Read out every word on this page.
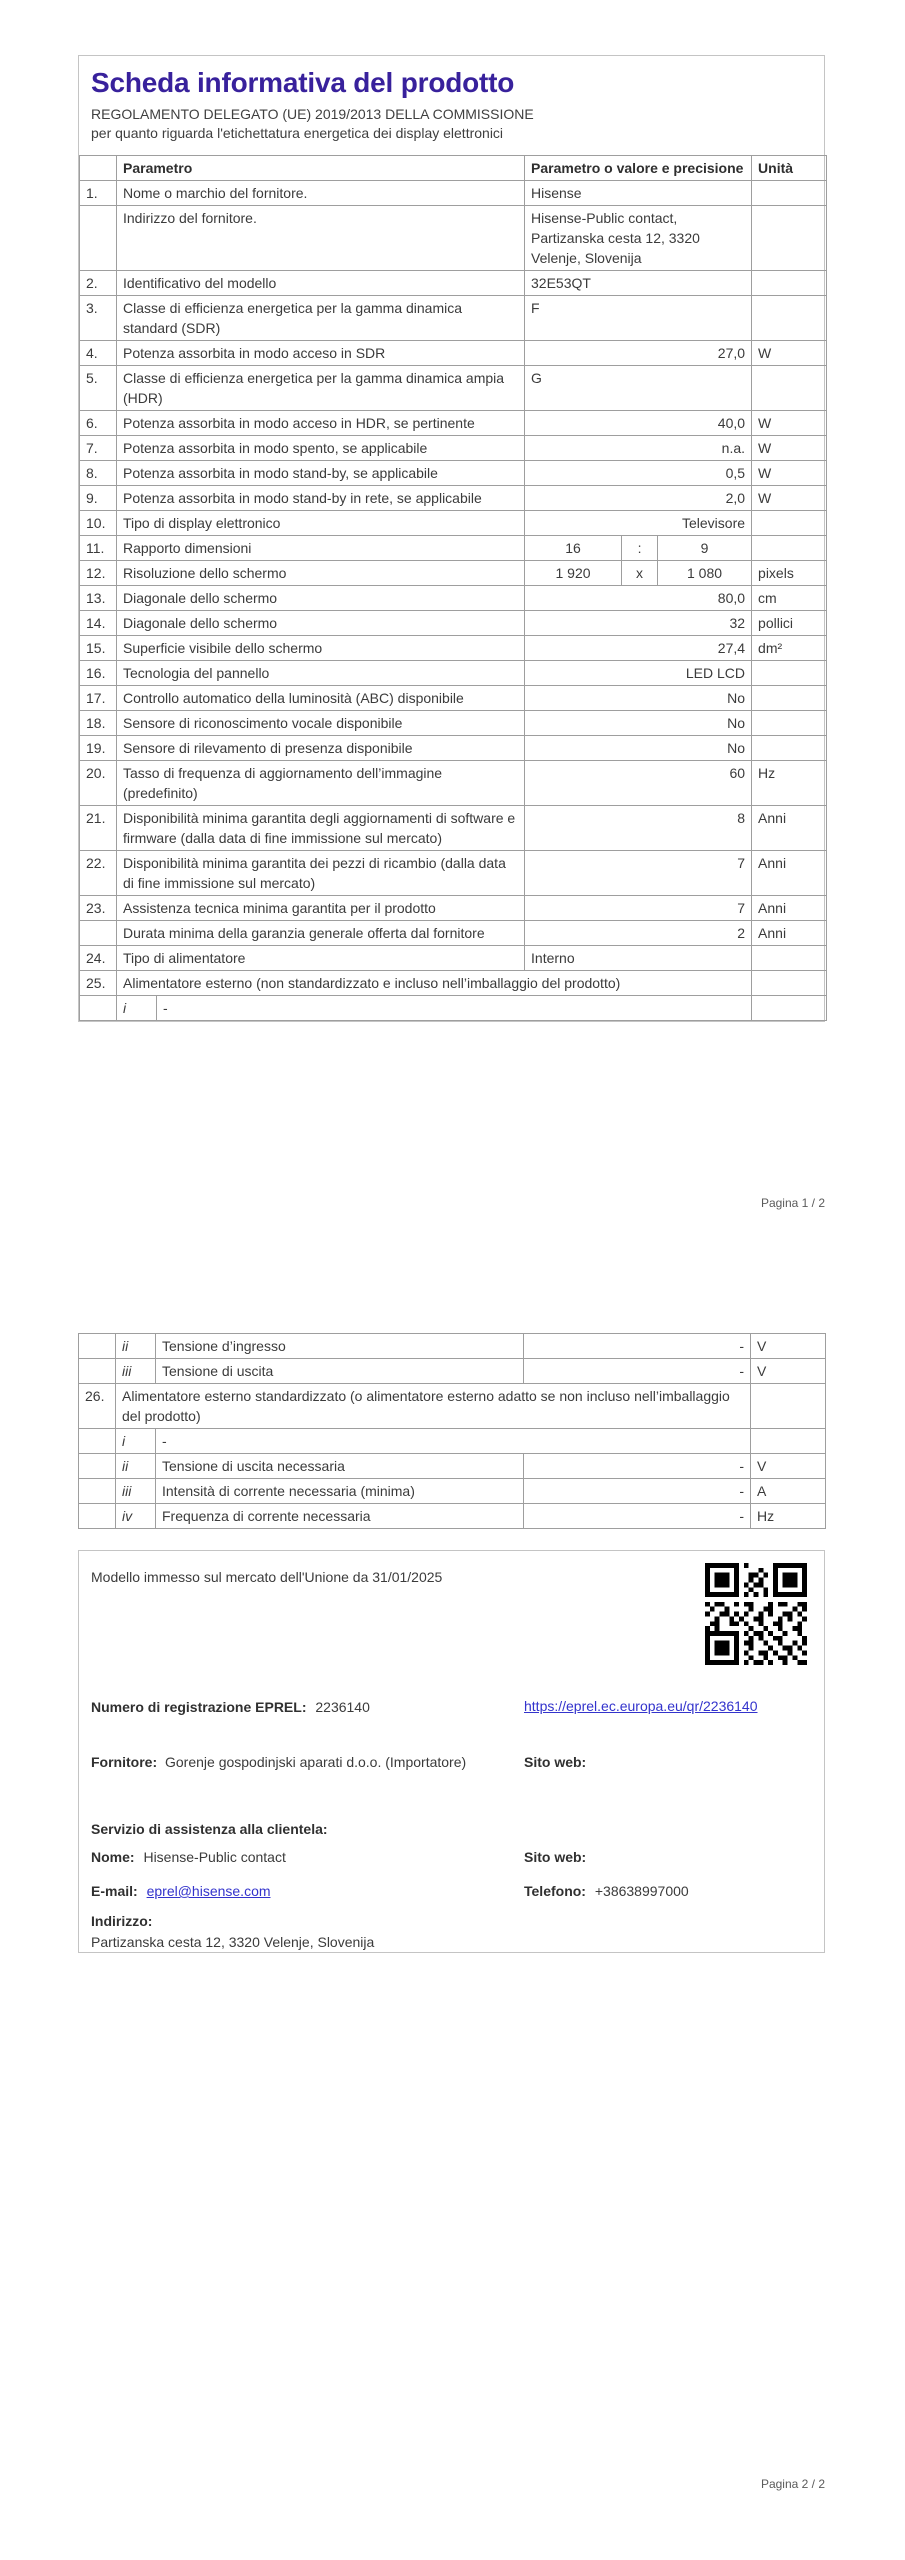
Scheda informativa del prodotto
REGOLAMENTO DELEGATO (UE) 2019/2013 DELLA COMMISSIONE per quanto riguarda l'etichettatura energetica dei display elettronici
	Parametro		Parametro o valore e precisione			Unità
1.	Nome o marchio del fornitore.		Hisense			
	Indirizzo del fornitore.		Hisense-Public contact, Partizanska cesta 12, 3320 Velenje, Slovenija			
2.	Identificativo del modello		32E53QT			
3.	Classe di efficienza energetica per la gamma dinamica standard (SDR)		F			
4.	Potenza assorbita in modo acceso in SDR		27,0			W
5.	Classe di efficienza energetica per la gamma dinamica ampia (HDR)		G			
6.	Potenza assorbita in modo acceso in HDR, se pertinente		40,0			W
7.	Potenza assorbita in modo spento, se applicabile		n.a.			W
8.	Potenza assorbita in modo stand-by, se applicabile		0,5			W
9.	Potenza assorbita in modo stand-by in rete, se applicabile		2,0			W
10.	Tipo di display elettronico		Televisore			
11.	Rapporto dimensioni		16	:	9	
12.	Risoluzione dello schermo		1 920	x	1 080	pixels
13.	Diagonale dello schermo		80,0			cm
14.	Diagonale dello schermo		32			pollici
15.	Superficie visibile dello schermo		27,4			dm²
16.	Tecnologia del pannello		LED LCD			
17.	Controllo automatico della luminosità (ABC) disponibile		No			
18.	Sensore di riconoscimento vocale disponibile		No			
19.	Sensore di rilevamento di presenza disponibile		No			
20.	Tasso di frequenza di aggiornamento dell’immagine (predefinito)		60			Hz
21.	Disponibilità minima garantita degli aggiornamenti di software e firmware (dalla data di fine immissione sul mercato)		8			Anni
22.	Disponibilità minima garantita dei pezzi di ricambio (dalla data di fine immissione sul mercato)		7			Anni
23.	Assistenza tecnica minima garantita per il prodotto		7			Anni
	Durata minima della garanzia generale offerta dal fornitore		2			Anni
24.	Tipo di alimentatore		Interno			
25.	Alimentatore esterno (non standardizzato e incluso nell’imballaggio del prodotto)					
	i	-				
Pagina 1 / 2
	ii	Tensione d’ingresso	-	V
	iii	Tensione di uscita	-	V
26.	Alimentatore esterno standardizzato (o alimentatore esterno adatto se non incluso nell’imballaggio del prodotto)			
	i	-		
	ii	Tensione di uscita necessaria	-	V
	iii	Intensità di corrente necessaria (minima)	-	A
	iv	Frequenza di corrente necessaria	-	Hz
Modello immesso sul mercato dell'Unione da 31/01/2025
Numero di registrazione EPREL: 2236140	https://eprel.ec.europa.eu/qr/2236140
Fornitore: Gorenje gospodinjski aparati d.o.o. (Importatore)	Sito web:
Servizio di assistenza alla clientela:
Nome: Hisense-Public contact	Sito web:
E-mail: eprel@hisense.com	Telefono: +38638997000
Indirizzo:
Partizanska cesta 12, 3320 Velenje, Slovenija
Pagina 2 / 2
